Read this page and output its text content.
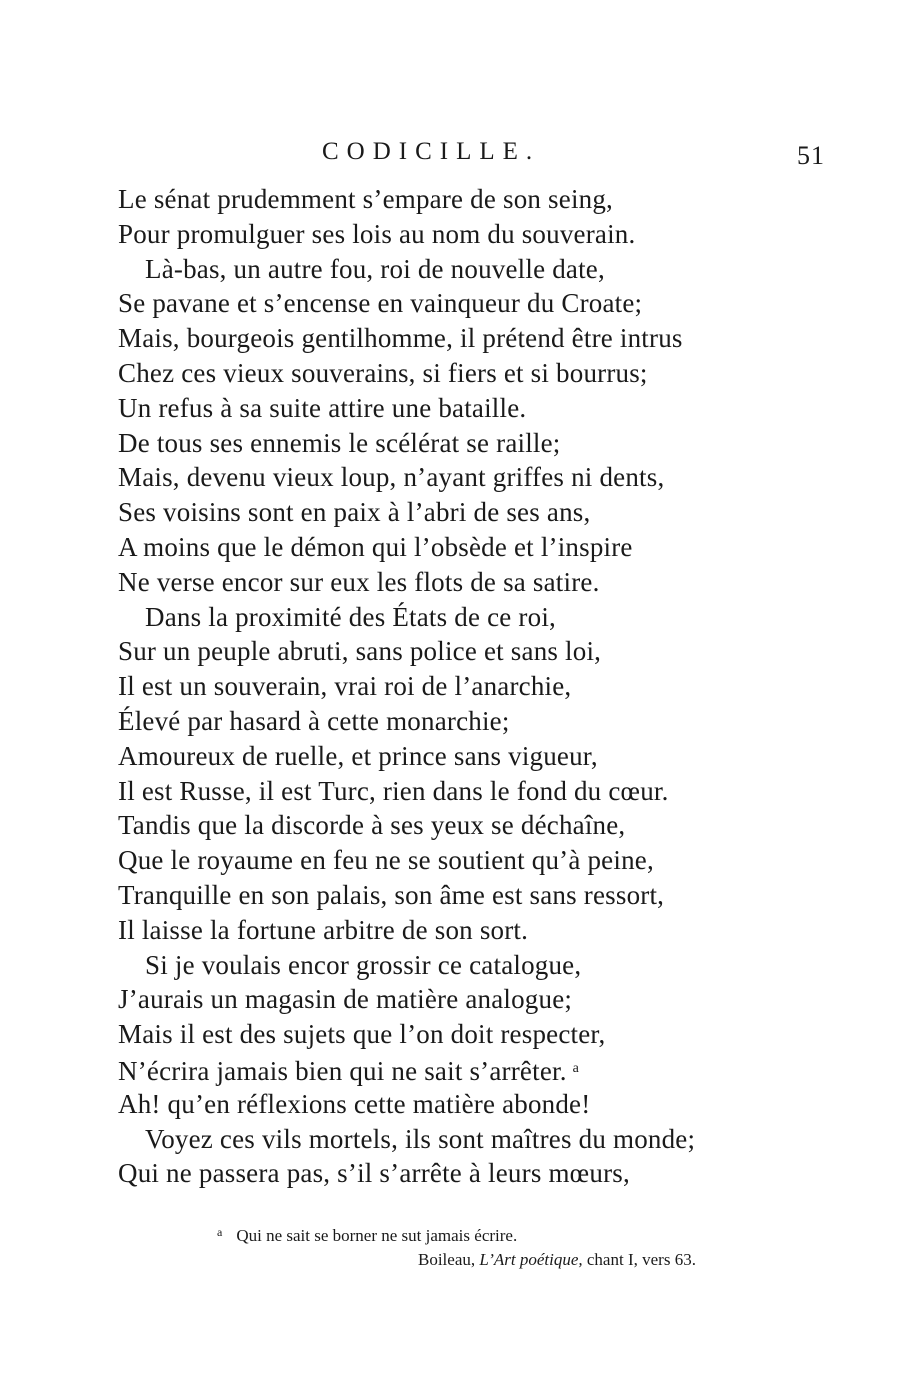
CODICILLE.	51
Le sénat prudemment s’empare de son seing,
Pour promulguer ses lois au nom du souverain.
Là-bas, un autre fou, roi de nouvelle date,
Se pavane et s’encense en vainqueur du Croate;
Mais, bourgeois gentilhomme, il prétend être intrus
Chez ces vieux souverains, si fiers et si bourrus;
Un refus à sa suite attire une bataille.
De tous ses ennemis le scélérat se raille;
Mais, devenu vieux loup, n’ayant griffes ni dents,
Ses voisins sont en paix à l’abri de ses ans,
A moins que le démon qui l’obsède et l’inspire
Ne verse encor sur eux les flots de sa satire.
Dans la proximité des États de ce roi,
Sur un peuple abruti, sans police et sans loi,
Il est un souverain, vrai roi de l’anarchie,
Élevé par hasard à cette monarchie;
Amoureux de ruelle, et prince sans vigueur,
Il est Russe, il est Turc, rien dans le fond du cœur.
Tandis que la discorde à ses yeux se déchaîne,
Que le royaume en feu ne se soutient qu’à peine,
Tranquille en son palais, son âme est sans ressort,
Il laisse la fortune arbitre de son sort.
Si je voulais encor grossir ce catalogue,
J’aurais un magasin de matière analogue;
Mais il est des sujets que l’on doit respecter,
N’écrira jamais bien qui ne sait s’arrêter. $^a$
Ah! qu’en réflexions cette matière abonde!
Voyez ces vils mortels, ils sont maîtres du monde;
Qui ne passera pas, s’il s’arrête à leurs mœurs,
$^a$ Qui ne sait se borner ne sut jamais écrire.
Boileau, L’Art poétique, chant I, vers 63.
